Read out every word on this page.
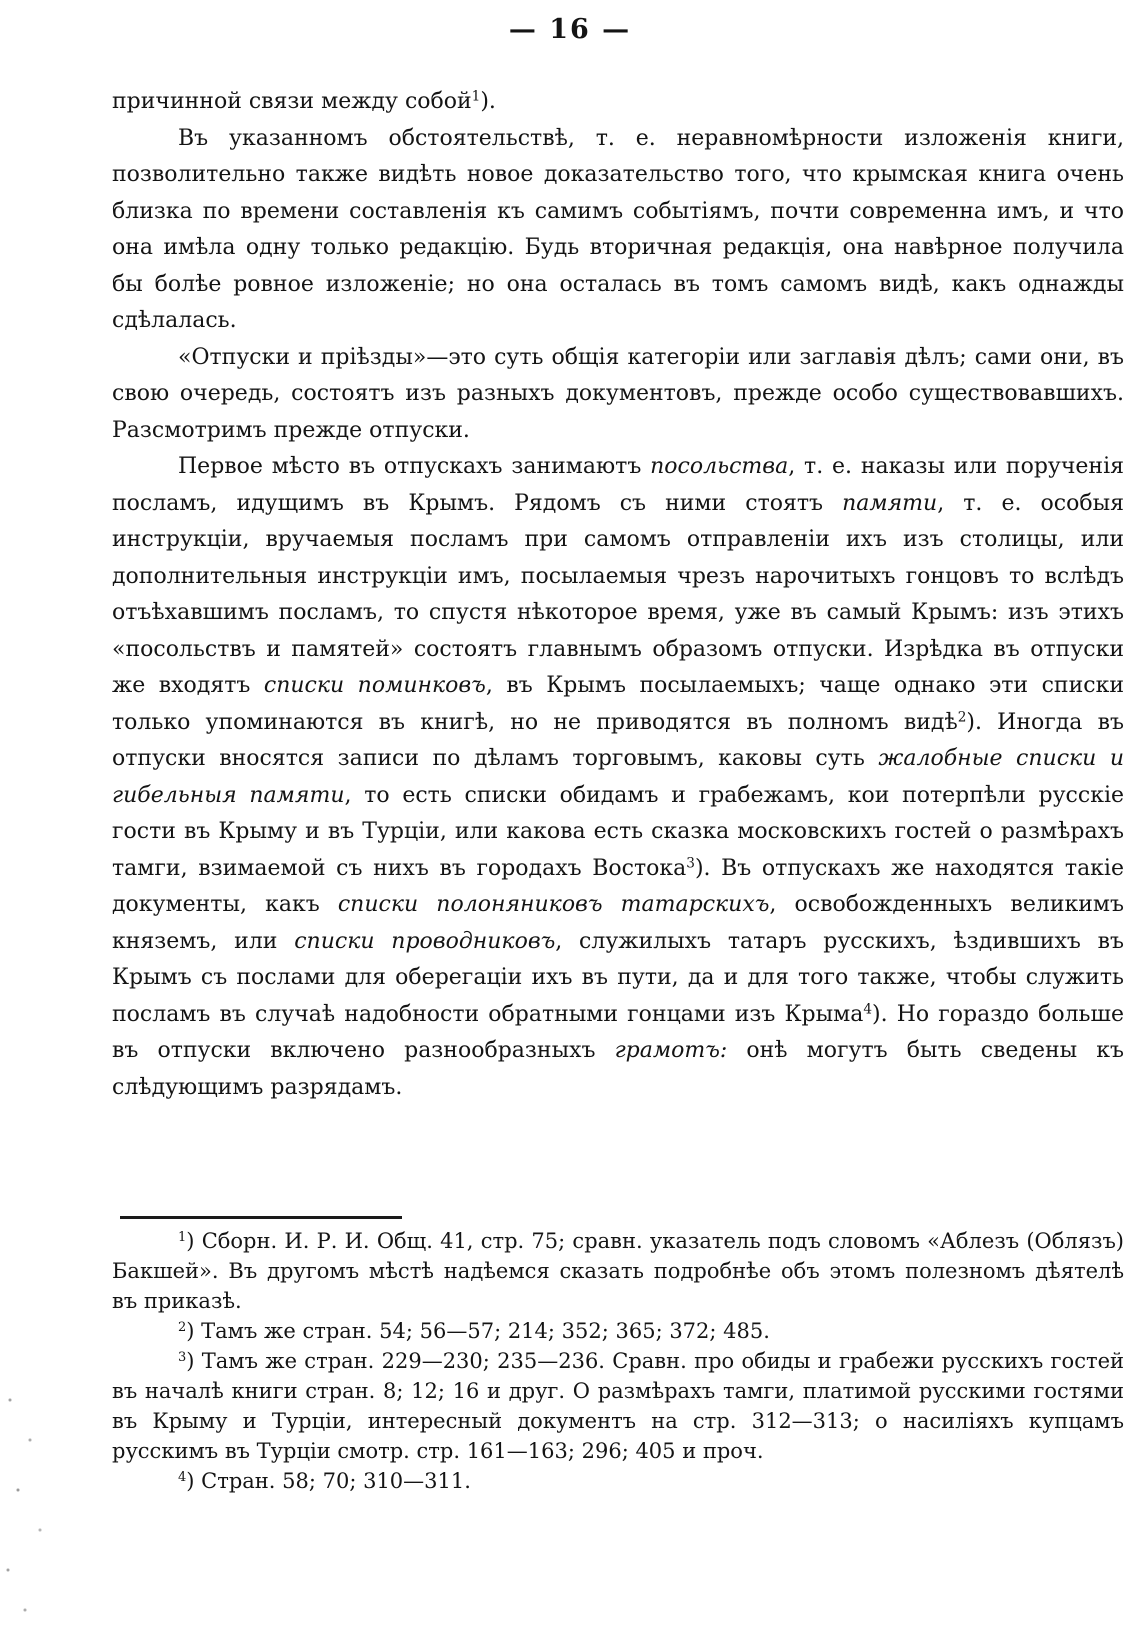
— 16 —

причинной связи между собой$^1$).

Въ указанномъ обстоятельствѣ, т. е. неравномѣрности изложенія книги, позволительно также видѣть новое доказательство того, что крымская книга очень близка по времени составленія къ самимъ событіямъ, почти современна имъ, и что она имѣла одну только редакцію. Будь вторичная редакція, она навѣрное получила бы болѣе ровное изложеніе; но она осталась въ томъ самомъ видѣ, какъ однажды сдѣлалась.

«Отпуски и пріѣзды»—это суть общія категоріи или заглавія дѣлъ; сами они, въ свою очередь, состоятъ изъ разныхъ документовъ, прежде особо существовавшихъ. Разсмотримъ прежде отпуски.

Первое мѣсто въ отпускахъ занимаютъ посольства, т. е. наказы или порученія посламъ, идущимъ въ Крымъ. Рядомъ съ ними стоятъ памяти, т. е. особыя инструкціи, вручаемыя посламъ при самомъ отправленіи ихъ изъ столицы, или дополнительныя инструкціи имъ, посылаемыя чрезъ нарочитыхъ гонцовъ то вслѣдъ отъѣхавшимъ посламъ, то спустя нѣкоторое время, уже въ самый Крымъ: изъ этихъ «посольствъ и памятей» состоятъ главнымъ образомъ отпуски. Изрѣдка въ отпуски же входятъ списки поминковъ, въ Крымъ посылаемыхъ; чаще однако эти списки только упоминаются въ книгѣ, но не приводятся въ полномъ видѣ$^2$). Иногда въ отпуски вносятся записи по дѣламъ торговымъ, каковы суть жалобные списки и гибельныя памяти, то есть списки обидамъ и грабежамъ, кои потерпѣли русскіе гости въ Крыму и въ Турціи, или какова есть сказка московскихъ гостей о размѣрахъ тамги, взимаемой съ нихъ въ городахъ Востока$^3$). Въ отпускахъ же находятся такіе документы, какъ списки полоняниковъ татарскихъ, освобожденныхъ великимъ княземъ, или списки проводниковъ, служилыхъ татаръ русскихъ, ѣздившихъ въ Крымъ съ послами для оберегаціи ихъ въ пути, да и для того также, чтобы служить посламъ въ случаѣ надобности обратными гонцами изъ Крыма$^4$). Но гораздо больше въ отпуски включено разнообразныхъ грамотъ: онѣ могутъ быть сведены къ слѣдующимъ разрядамъ.

$^1$) Сборн. И. Р. И. Общ. 41, стр. 75; сравн. указатель подъ словомъ «Аблезъ (Облязъ) Бакшей». Въ другомъ мѣстѣ надѣемся сказать подробнѣе объ этомъ полезномъ дѣятелѣ въ приказѣ.

$^2$) Тамъ же стран. 54; 56—57; 214; 352; 365; 372; 485.

$^3$) Тамъ же стран. 229—230; 235—236. Сравн. про обиды и грабежи русскихъ гостей въ началѣ книги стран. 8; 12; 16 и друг. О размѣрахъ тамги, платимой русскими гостями въ Крыму и Турціи, интересный документъ на стр. 312—313; о насиліяхъ купцамъ русскимъ въ Турціи смотр. стр. 161—163; 296; 405 и проч.

$^4$) Стран. 58; 70; 310—311.
